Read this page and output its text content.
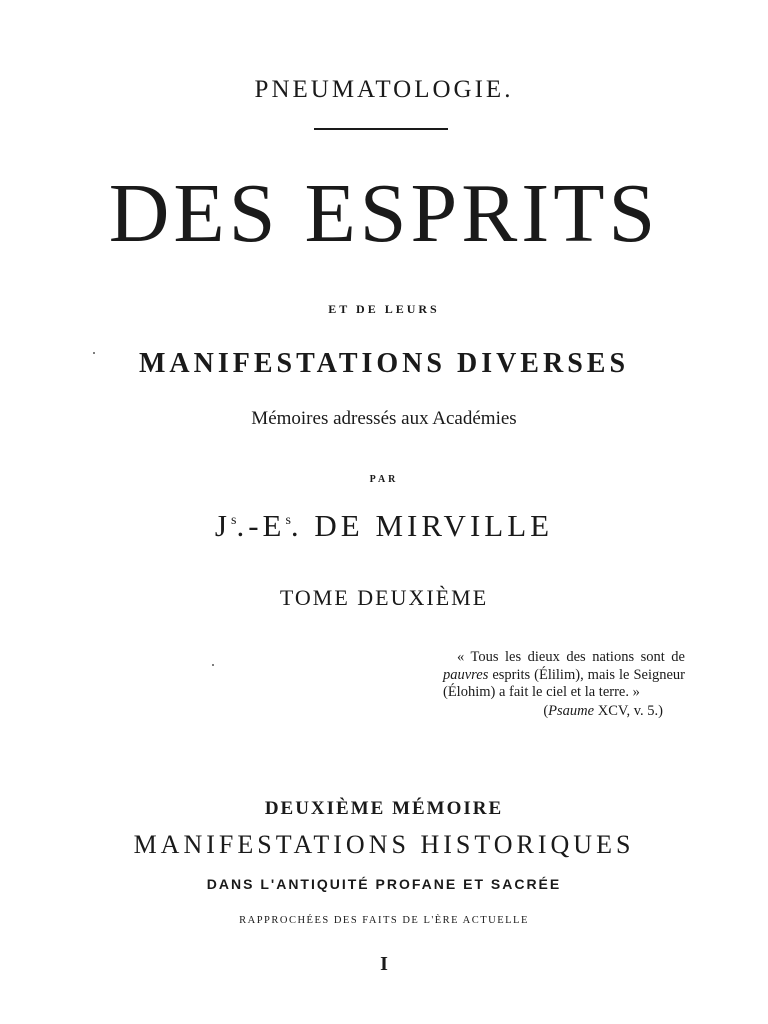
PNEUMATOLOGIE.
DES ESPRITS
ET DE LEURS
MANIFESTATIONS DIVERSES
Mémoires adressés aux Académies
PAR
$J^s.-E^s$. DE MIRVILLE
TOME DEUXIÈME
« Tous les dieux des nations sont de pauvres esprits (Élilim), mais le Seigneur (Élohim) a fait le ciel et la terre. »
(Psaume XCV, v. 5.)
DEUXIÈME MÉMOIRE
MANIFESTATIONS HISTORIQUES
DANS L'ANTIQUITÉ PROFANE ET SACRÉE
RAPPROCHÉES DES FAITS DE L'ÈRE ACTUELLE
I
